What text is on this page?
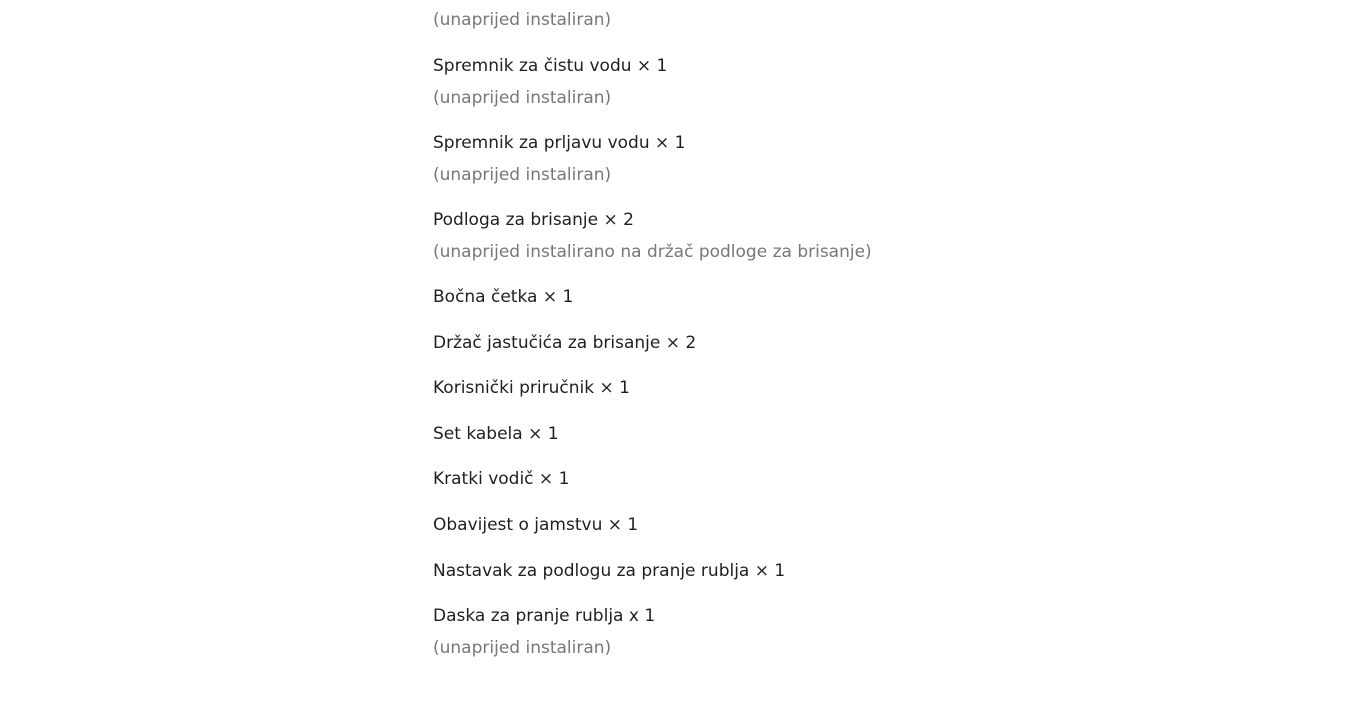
(unaprijed instaliran)
Spremnik za čistu vodu × 1
(unaprijed instaliran)
Spremnik za prljavu vodu × 1
(unaprijed instaliran)
Podloga za brisanje × 2
(unaprijed instalirano na držač podloge za brisanje)
Bočna četka × 1
Držač jastučića za brisanje × 2
Korisnički priručnik × 1
Set kabela × 1
Kratki vodič × 1
Obavijest o jamstvu × 1
Nastavak za podlogu za pranje rublja × 1
Daska za pranje rublja x 1
(unaprijed instaliran)
